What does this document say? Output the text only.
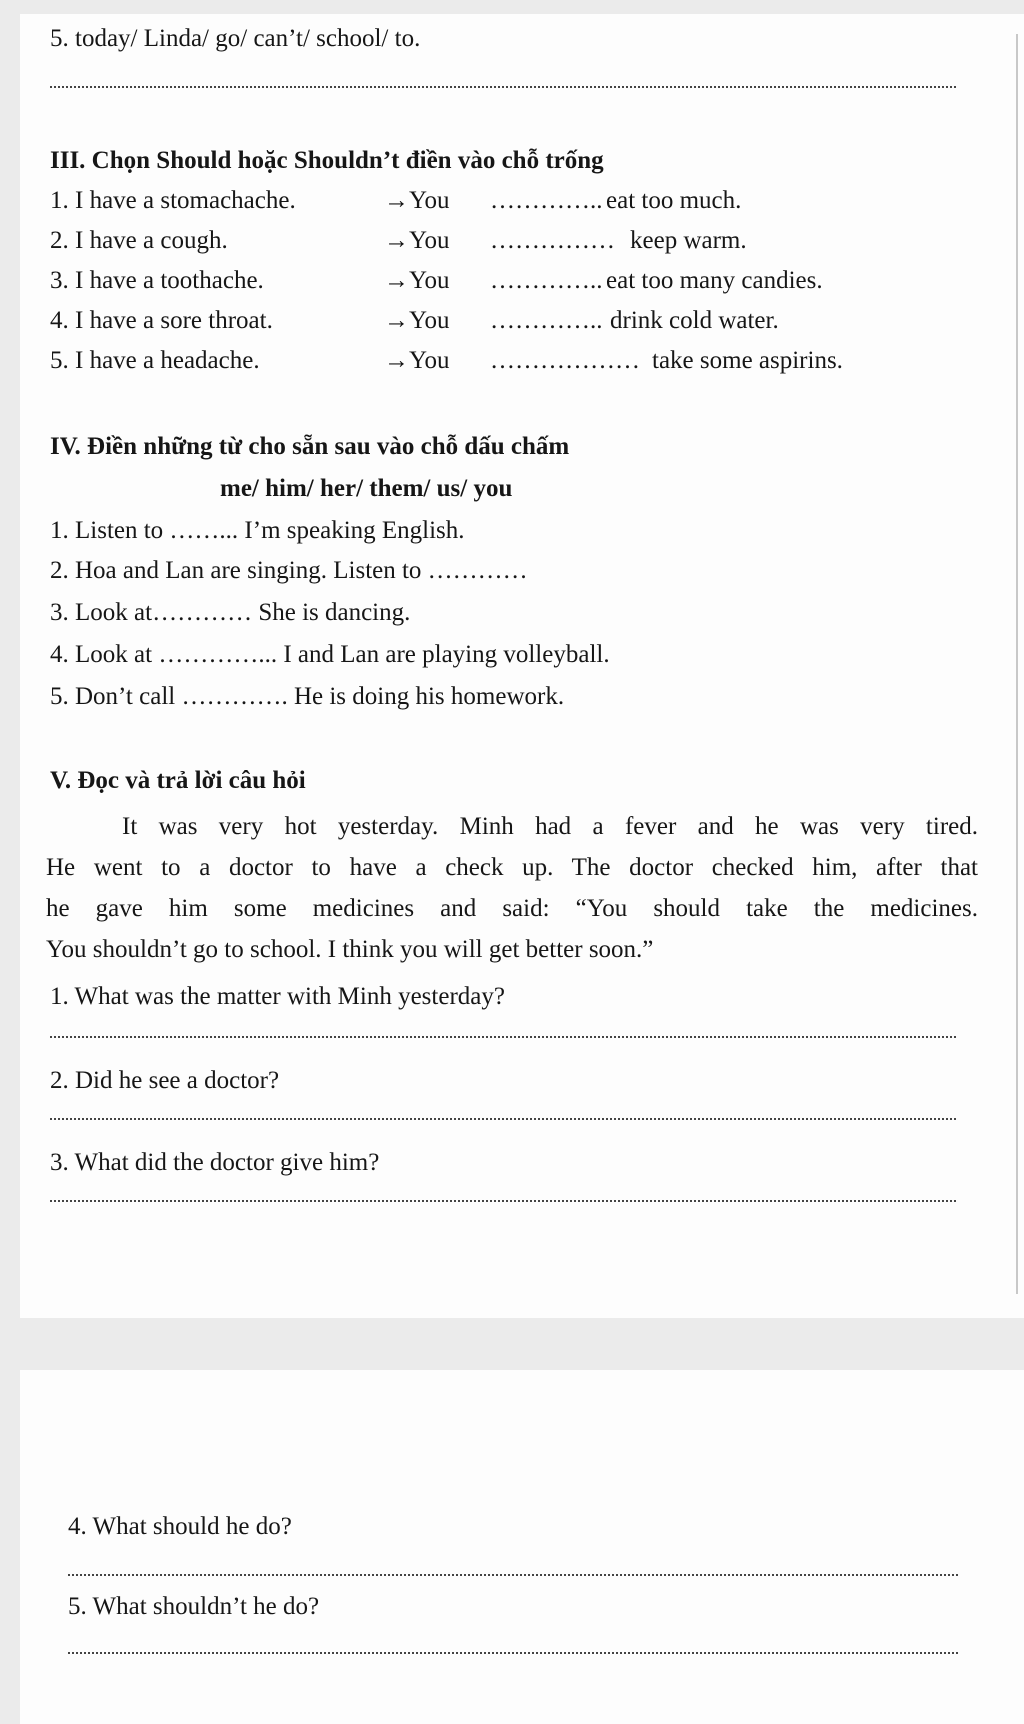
5. today/ Linda/ go/ can’t/ school/ to.
III. Chọn Should hoặc Shouldn’t điền vào chỗ trống
1. I have a stomachache.	→You ………….. eat too much.
2. I have a cough.	→You …………… keep warm.
3. I have a toothache.	→You ………….. eat too many candies.
4. I have a sore throat.	→You ………….. drink cold water.
5. I have a headache.	→You ……………… take some aspirins.
IV. Điền những từ cho sẵn sau vào chỗ dấu chấm
me/ him/ her/ them/ us/ you
1. Listen to ……... I’m speaking English.
2. Hoa and Lan are singing. Listen to …………
3. Look at………… She is dancing.
4. Look at …………... I and Lan are playing volleyball.
5. Don’t call …………. He is doing his homework.
V. Đọc và trả lời câu hỏi
It was very hot yesterday. Minh had a fever and he was very tired.
He went to a doctor to have a check up. The doctor checked him, after that
he gave him some medicines and said: “You should take the medicines.
You shouldn’t go to school. I think you will get better soon.”
1. What was the matter with Minh yesterday?
2. Did he see a doctor?
3. What did the doctor give him?
4. What should he do?
5. What shouldn’t he do?
